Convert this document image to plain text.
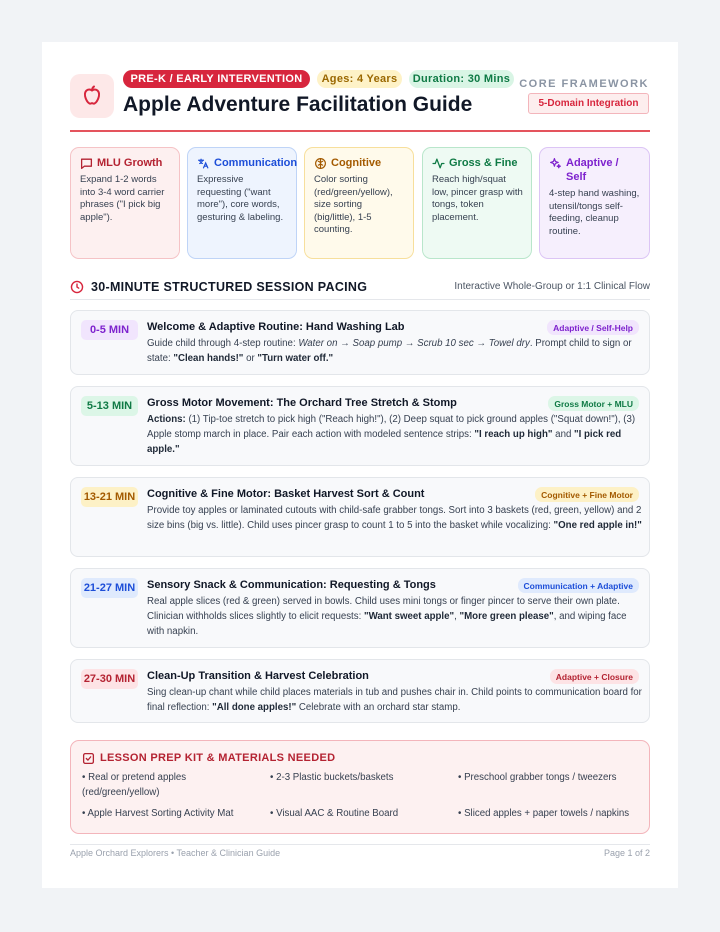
PRE-K / EARLY INTERVENTION	Ages: 4 Years	Duration: 30 Mins
Apple Adventure Facilitation Guide
CORE FRAMEWORK
5-Domain Integration
MLU Growth
Expand 1-2 words into 3-4 word carrier phrases ("I pick big apple").
Communication
Expressive requesting ("want more"), core words, gesturing & labeling.
Cognitive
Color sorting (red/green/yellow), size sorting (big/little), 1-5 counting.
Gross & Fine
Reach high/squat low, pincer grasp with tongs, token placement.
Adaptive / Self
4-step hand washing, utensil/tongs self-feeding, cleanup routine.
30-MINUTE STRUCTURED SESSION PACING	Interactive Whole-Group or 1:1 Clinical Flow
0-5 MIN	Welcome & Adaptive Routine: Hand Washing Lab	Adaptive / Self-Help
Guide child through 4-step routine: Water on → Soap pump → Scrub 10 sec → Towel dry. Prompt child to sign or state: "Clean hands!" or "Turn water off."
5-13 MIN	Gross Motor Movement: The Orchard Tree Stretch & Stomp	Gross Motor + MLU
Actions: (1) Tip-toe stretch to pick high ("Reach high!"), (2) Deep squat to pick ground apples ("Squat down!"), (3) Apple stomp march in place. Pair each action with modeled sentence strips: "I reach up high" and "I pick red apple."
13-21 MIN Cognitive & Fine Motor: Basket Harvest Sort & Count	Cognitive + Fine Motor
Provide toy apples or laminated cutouts with child-safe grabber tongs. Sort into 3 baskets (red, green, yellow) and 2 size bins (big vs. little). Child uses pincer grasp to count 1 to 5 into the basket while vocalizing: "One red apple in!"
21-27 MIN Sensory Snack & Communication: Requesting & Tongs	Communication + Adaptive
Real apple slices (red & green) served in bowls. Child uses mini tongs or finger pincer to serve their own plate. Clinician withholds slices slightly to elicit requests: "Want sweet apple", "More green please", and wiping face with napkin.
27-30 MIN Clean-Up Transition & Harvest Celebration	Adaptive + Closure
Sing clean-up chant while child places materials in tub and pushes chair in. Child points to communication board for final reflection: "All done apples!" Celebrate with an orchard star stamp.
LESSON PREP KIT & MATERIALS NEEDED
• Real or pretend apples (red/green/yellow)
• 2-3 Plastic buckets/baskets	• Preschool grabber tongs / tweezers
• Apple Harvest Sorting Activity Mat	• Visual AAC & Routine Board	• Sliced apples + paper towels / napkins
Apple Orchard Explorers • Teacher & Clinician Guide	Page 1 of 2
